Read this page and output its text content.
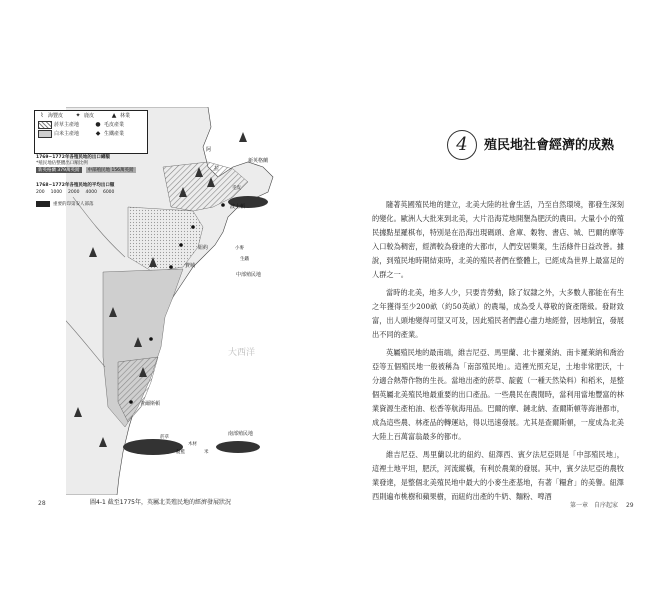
⌇ 海豐皮 ✦ 鹿皮	▲ 林業
菸草主產地	● 毛皮產業
白米主產地	◆ 生鐵產業
1769~1772年各殖民地的出口總額
*殖民地佔整體出口額比例
新英格蘭 379萬英鎊	中部殖民地 156萬英鎊
1768~1772年各殖民地的平均出口額
200 1000 2000 4000 6000
重要的印第安人部落
新英格蘭
中部殖民地
南部殖民地
大西洋
波士頓
紐約
費城
查爾斯頓
阿
拉
木材
菸草
米
靛藍
小麥
生鐵
毛皮
圖4-1 截至1775年，英屬北美殖民地的經濟發展狀況
28
4	殖民地社會經濟的成熟

隨著英國殖民地的建立，北美大陸的社會生活，乃至自然環境，都發生深刻的變化。歐洲人大批來到北美，大片沿海荒地開墾為肥沃的農田。大量小小的殖民據點星羅棋布，特別是在沿海出現碼頭、倉庫、穀物、書店、城、巴爾的摩等入口較為稠密，經濟較為發達的大都市，人們安居樂業，生活條件日益改善。據說，到殖民地時期結束時，北美的殖民者們在整體上，已經成為世界上最富足的人群之一。

當時的北美，地多人少，只要肯勞動，除了奴隸之外，大多數人都能在有生之年獲得至少200畝（約50英畝）的農場，成為受人尊敬的資產階級。發財致富，出人頭地變得可望又可及，因此殖民者們盡心盡力地經營，因地制宜，發展出不同的產業。

英屬殖民地的最南端，維吉尼亞、馬里蘭、北卡羅萊納、南卡羅萊納和喬治亞等五個殖民地一般被稱為「南部殖民地」。這裡光照充足，土地非常肥沃，十分適合熱帶作物的生長。當地出產的菸草、靛藍（一種天然染料）和稻米，是整個英屬北美殖民地最重要的出口產品。一些農民在農閒時，當利用當地豐富的林業資源生產柏油、松香等航海用品。巴爾的摩、鏈北納、查爾斯頓等海港都市，成為這些農、林產品的轉運站，得以迅速發展。尤其是查爾斯頓，一度成為北美大陸上百萬富翁最多的都市。

維吉尼亞、馬里蘭以北的紐約、紐澤西、賓夕法尼亞則是「中部殖民地」，這裡土地平坦，肥沃，河流縱橫，有利於農業的發展。其中，賓夕法尼亞的農牧業發達，是整個北美殖民地中最大的小麥生產基地，有著「糧倉」的美譽。紐澤西則遍布桃樹和蘋果樹，而紐約出產的牛奶、麵粉、啤酒

第一章　自序起家 29
